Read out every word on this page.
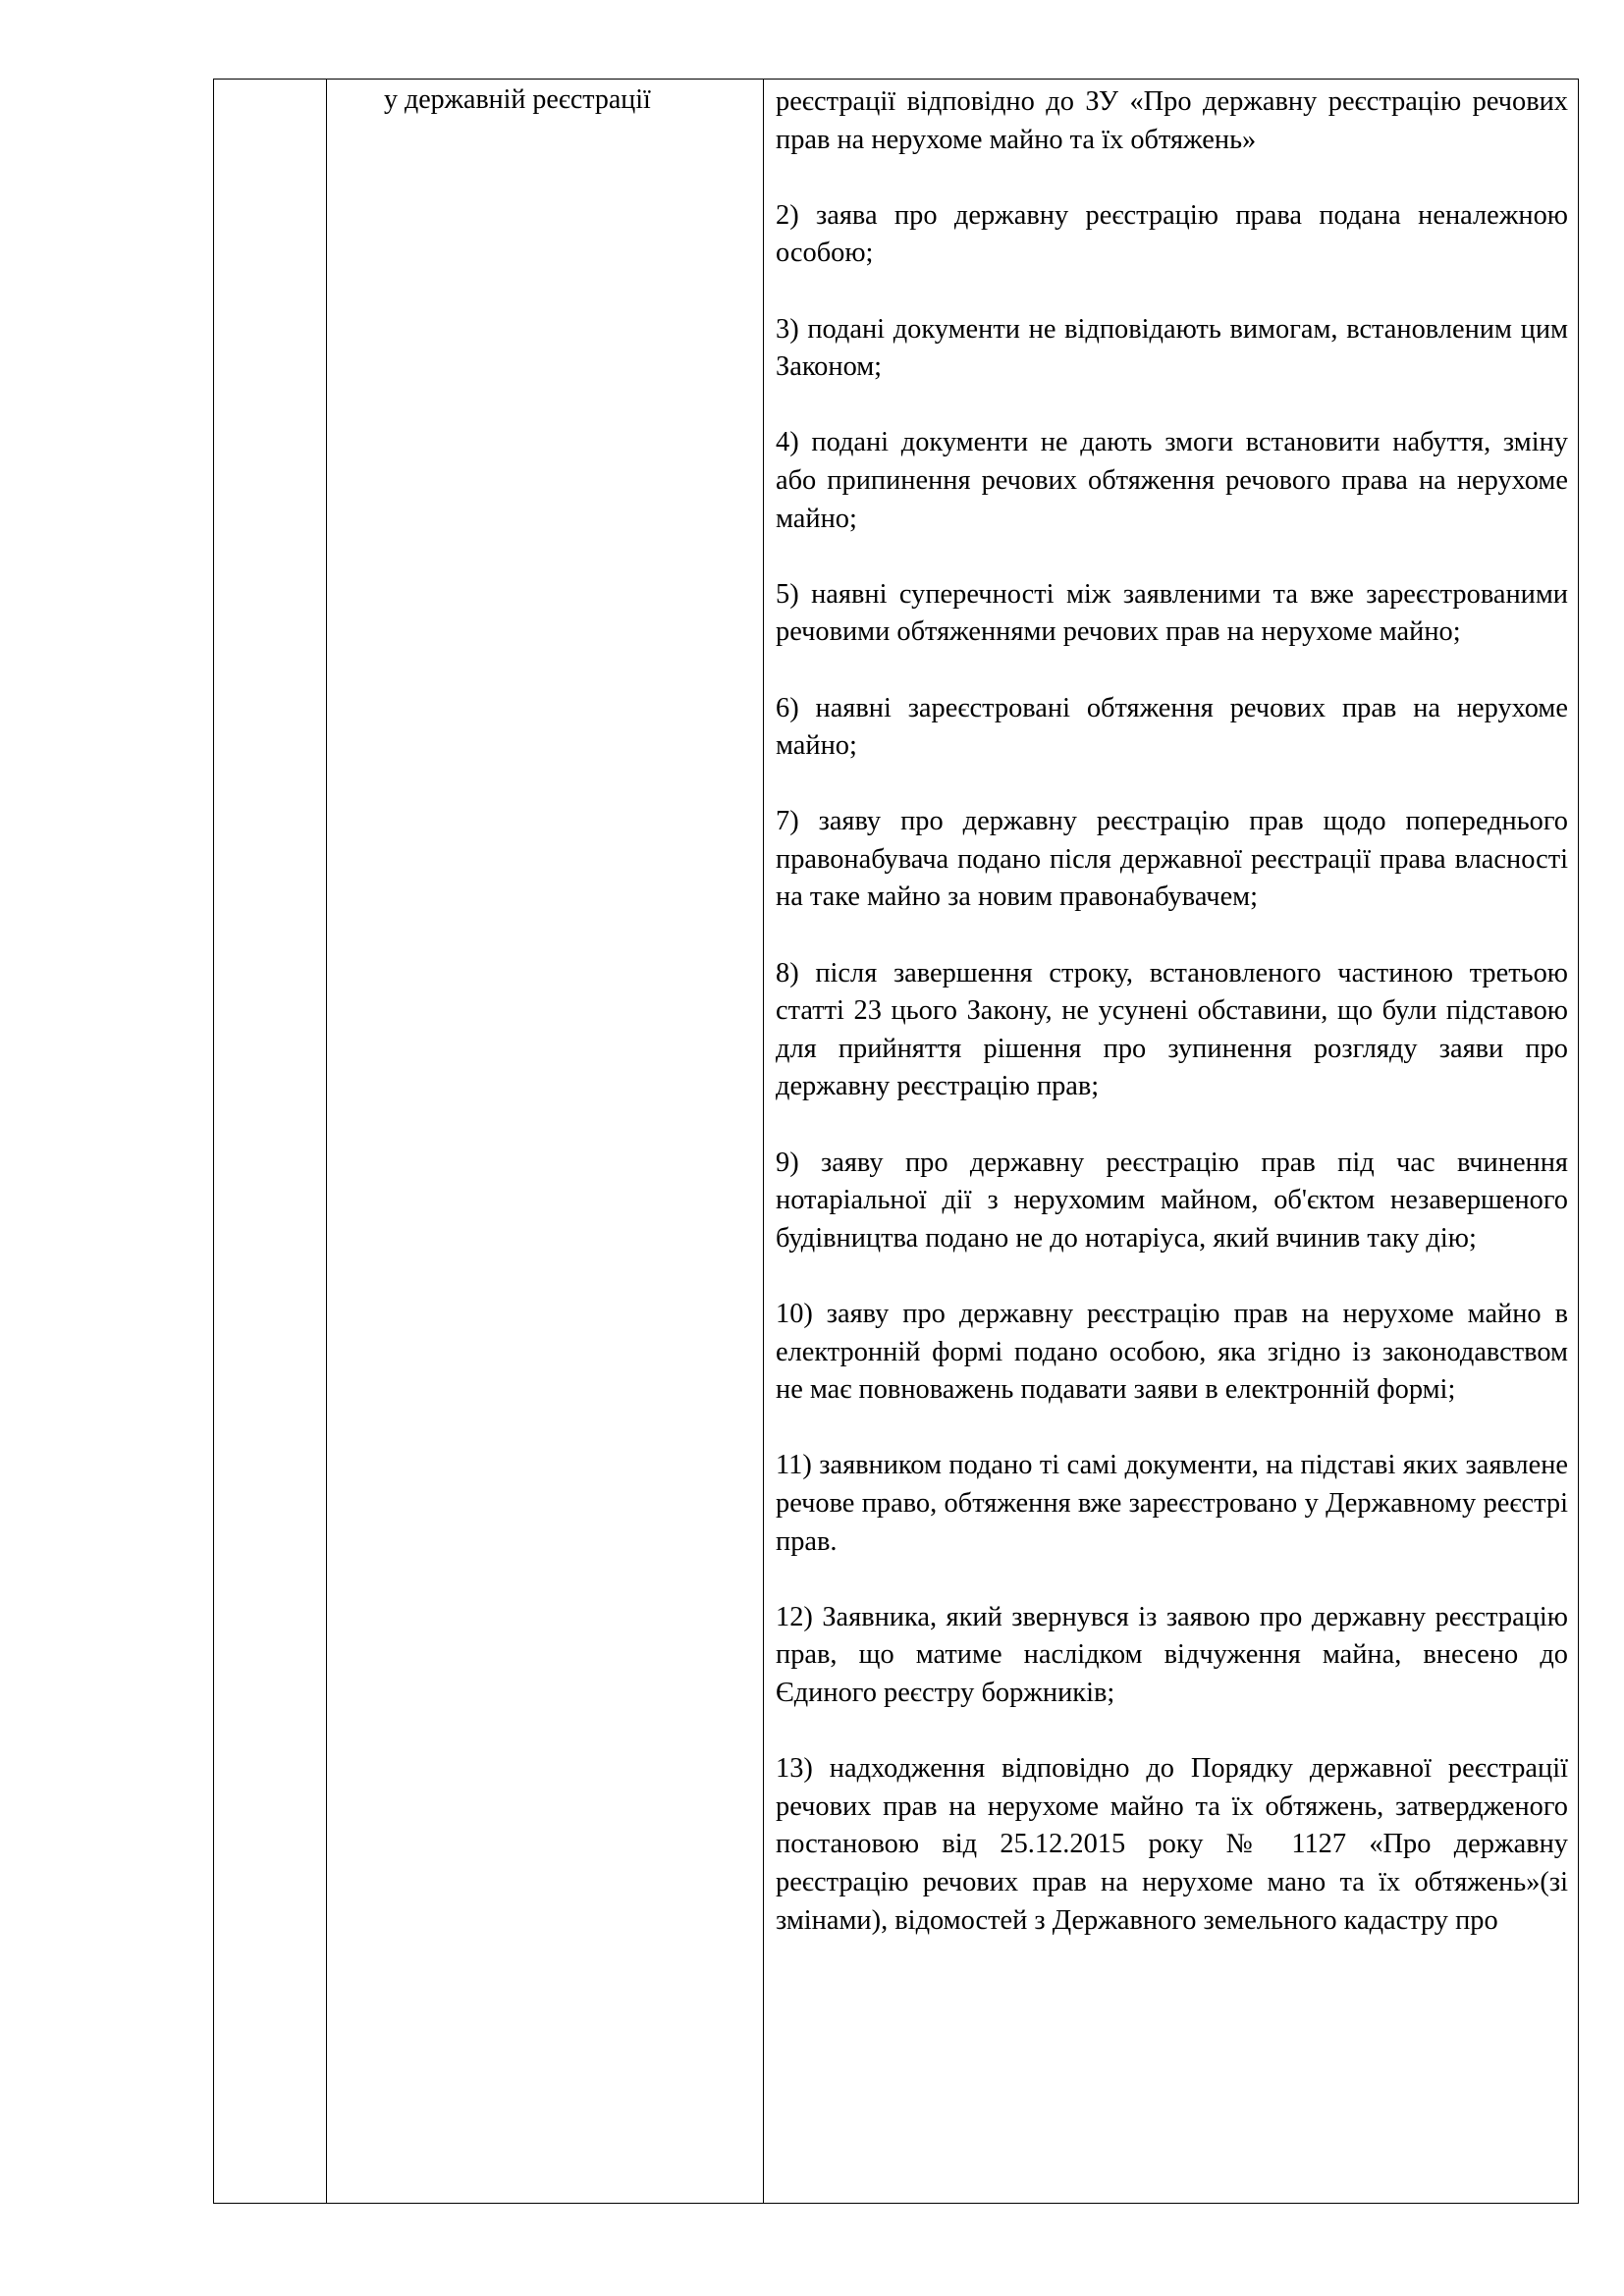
у державній реєстрації	реєстрації відповідно до ЗУ «Про державну реєстрацію речових прав на нерухоме майно та їх обтяжень»

2) заява про державну реєстрацію права подана неналежною особою;

3) подані документи не відповідають вимогам, встановленим цим Законом;

4) подані документи не дають змоги встановити набуття, зміну або припинення речових обтяження речового права на нерухоме майно;

5) наявні суперечності між заявленими та вже зареєстрованими речовими обтяженнями речових прав на нерухоме майно;

6) наявні зареєстровані обтяження речових прав на нерухоме майно;

7) заяву про державну реєстрацію прав щодо попереднього правонабувача подано після державної реєстрації права власності на таке майно за новим правонабувачем;

8) після завершення строку, встановленого частиною третьою статті 23 цього Закону, не усунені обставини, що були підставою для прийняття рішення про зупинення розгляду заяви про державну реєстрацію прав;

9) заяву про державну реєстрацію прав під час вчинення нотаріальної дії з нерухомим майном, об'єктом незавершеного будівництва подано не до нотаріуса, який вчинив таку дію;

10) заяву про державну реєстрацію прав на нерухоме майно в електронній формі подано особою, яка згідно із законодавством не має повноважень подавати заяви в електронній формі;

11) заявником подано ті самі документи, на підставі яких заявлене речове право, обтяження вже зареєстровано у Державному реєстрі прав.

12) Заявника, який звернувся із заявою про державну реєстрацію прав, що матиме наслідком відчуження майна, внесено до Єдиного реєстру боржників;

13) надходження відповідно до Порядку державної реєстрації речових прав на нерухоме майно та їх обтяжень, затвердженого постановою від 25.12.2015 року № 1127 «Про державну реєстрацію речових прав на нерухоме мано та їх обтяжень»(зі змінами), відомостей з Державного земельного кадастру про
